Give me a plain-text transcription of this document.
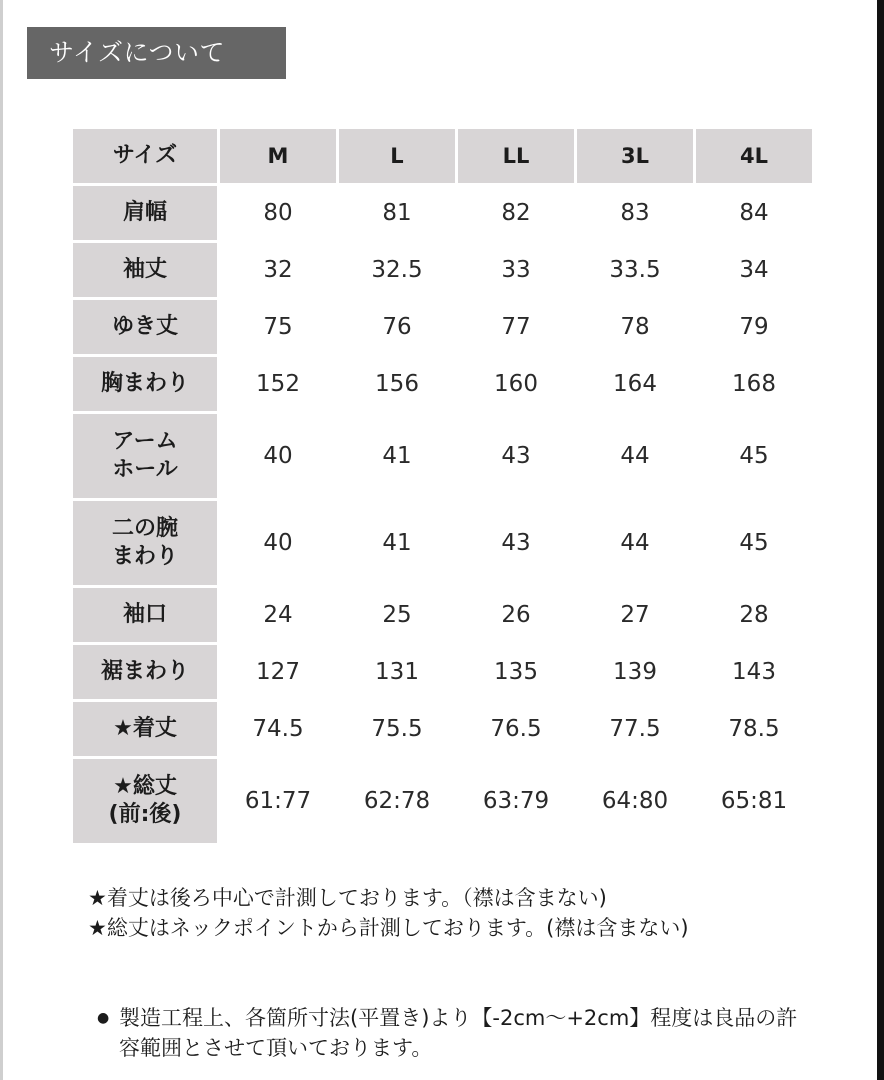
サイズについて
サイズ	M	L	LL	3L	4L
肩幅	80	81	82	83	84
袖丈	32	32.5	33	33.5	34
ゆき丈	75	76	77	78	79
胸まわり	152	156	160	164	168

アーム
ホール	40	41	43	44	45

二の腕
まわり	40	41	43	44	45
袖口	24	25	26	27	28
裾まわり	127	131	135	139	143
★着丈	74.5	75.5	76.5	77.5	78.5

★総丈
(前:後)	61:77	62:78	63:79	64:80	65:81

★着丈は後ろ中心で計測しております。（襟は含まない)

★総丈はネックポイントから計測しております。(襟は含まない)

● 製造工程上、各箇所寸法(平置き)より【-2cm～+2cm】程度は良品の許容範囲とさせて頂いております。
